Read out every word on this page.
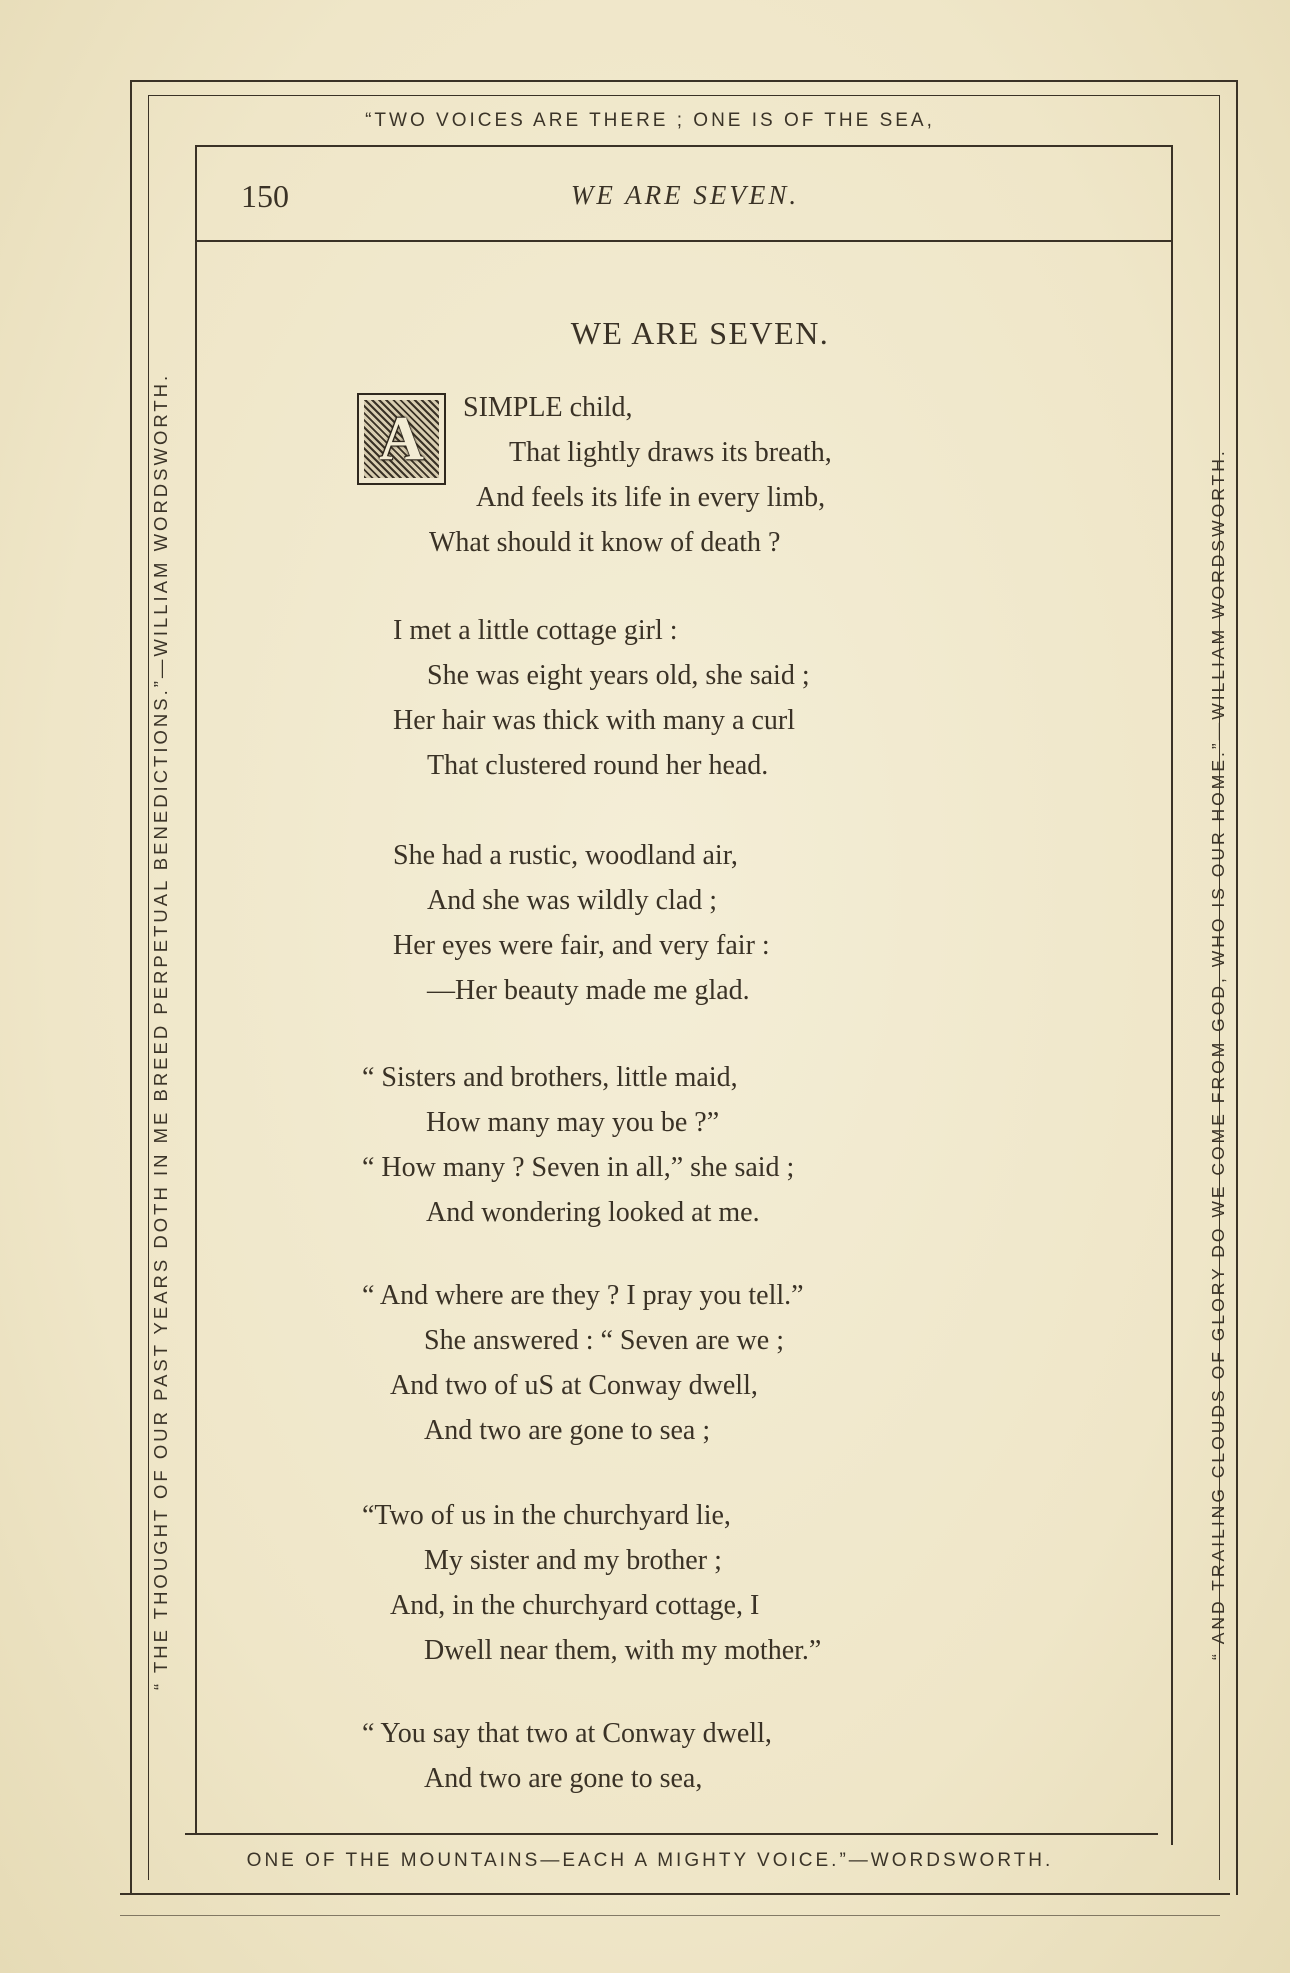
“TWO VOICES ARE THERE ; ONE IS OF THE SEA,
ONE OF THE MOUNTAINS—EACH A MIGHTY VOICE.”—WORDSWORTH.
“ THE THOUGHT OF OUR PAST YEARS DOTH IN ME BREED PERPETUAL BENEDICTIONS.”—WILLIAM WORDSWORTH.	“ AND TRAILING CLOUDS OF GLORY DO WE COME FROM GOD, WHO IS OUR HOME.”—WILLIAM WORDSWORTH.
150	WE ARE SEVEN.
WE ARE SEVEN.
A SIMPLE child,
That lightly draws its breath,
And feels its life in every limb,
What should it know of death ?
I met a little cottage girl :
She was eight years old, she said ;
Her hair was thick with many a curl
That clustered round her head.
She had a rustic, woodland air,
And she was wildly clad ;
Her eyes were fair, and very fair :
—Her beauty made me glad.
“ Sisters and brothers, little maid,
How many may you be ?”
“ How many ? Seven in all,” she said ;
And wondering looked at me.
“ And where are they ? I pray you tell.”
She answered : “ Seven are we ;
And two of uS at Conway dwell,
And two are gone to sea ;
“Two of us in the churchyard lie,
My sister and my brother ;
And, in the churchyard cottage, I
Dwell near them, with my mother.”
“ You say that two at Conway dwell,
And two are gone to sea,
